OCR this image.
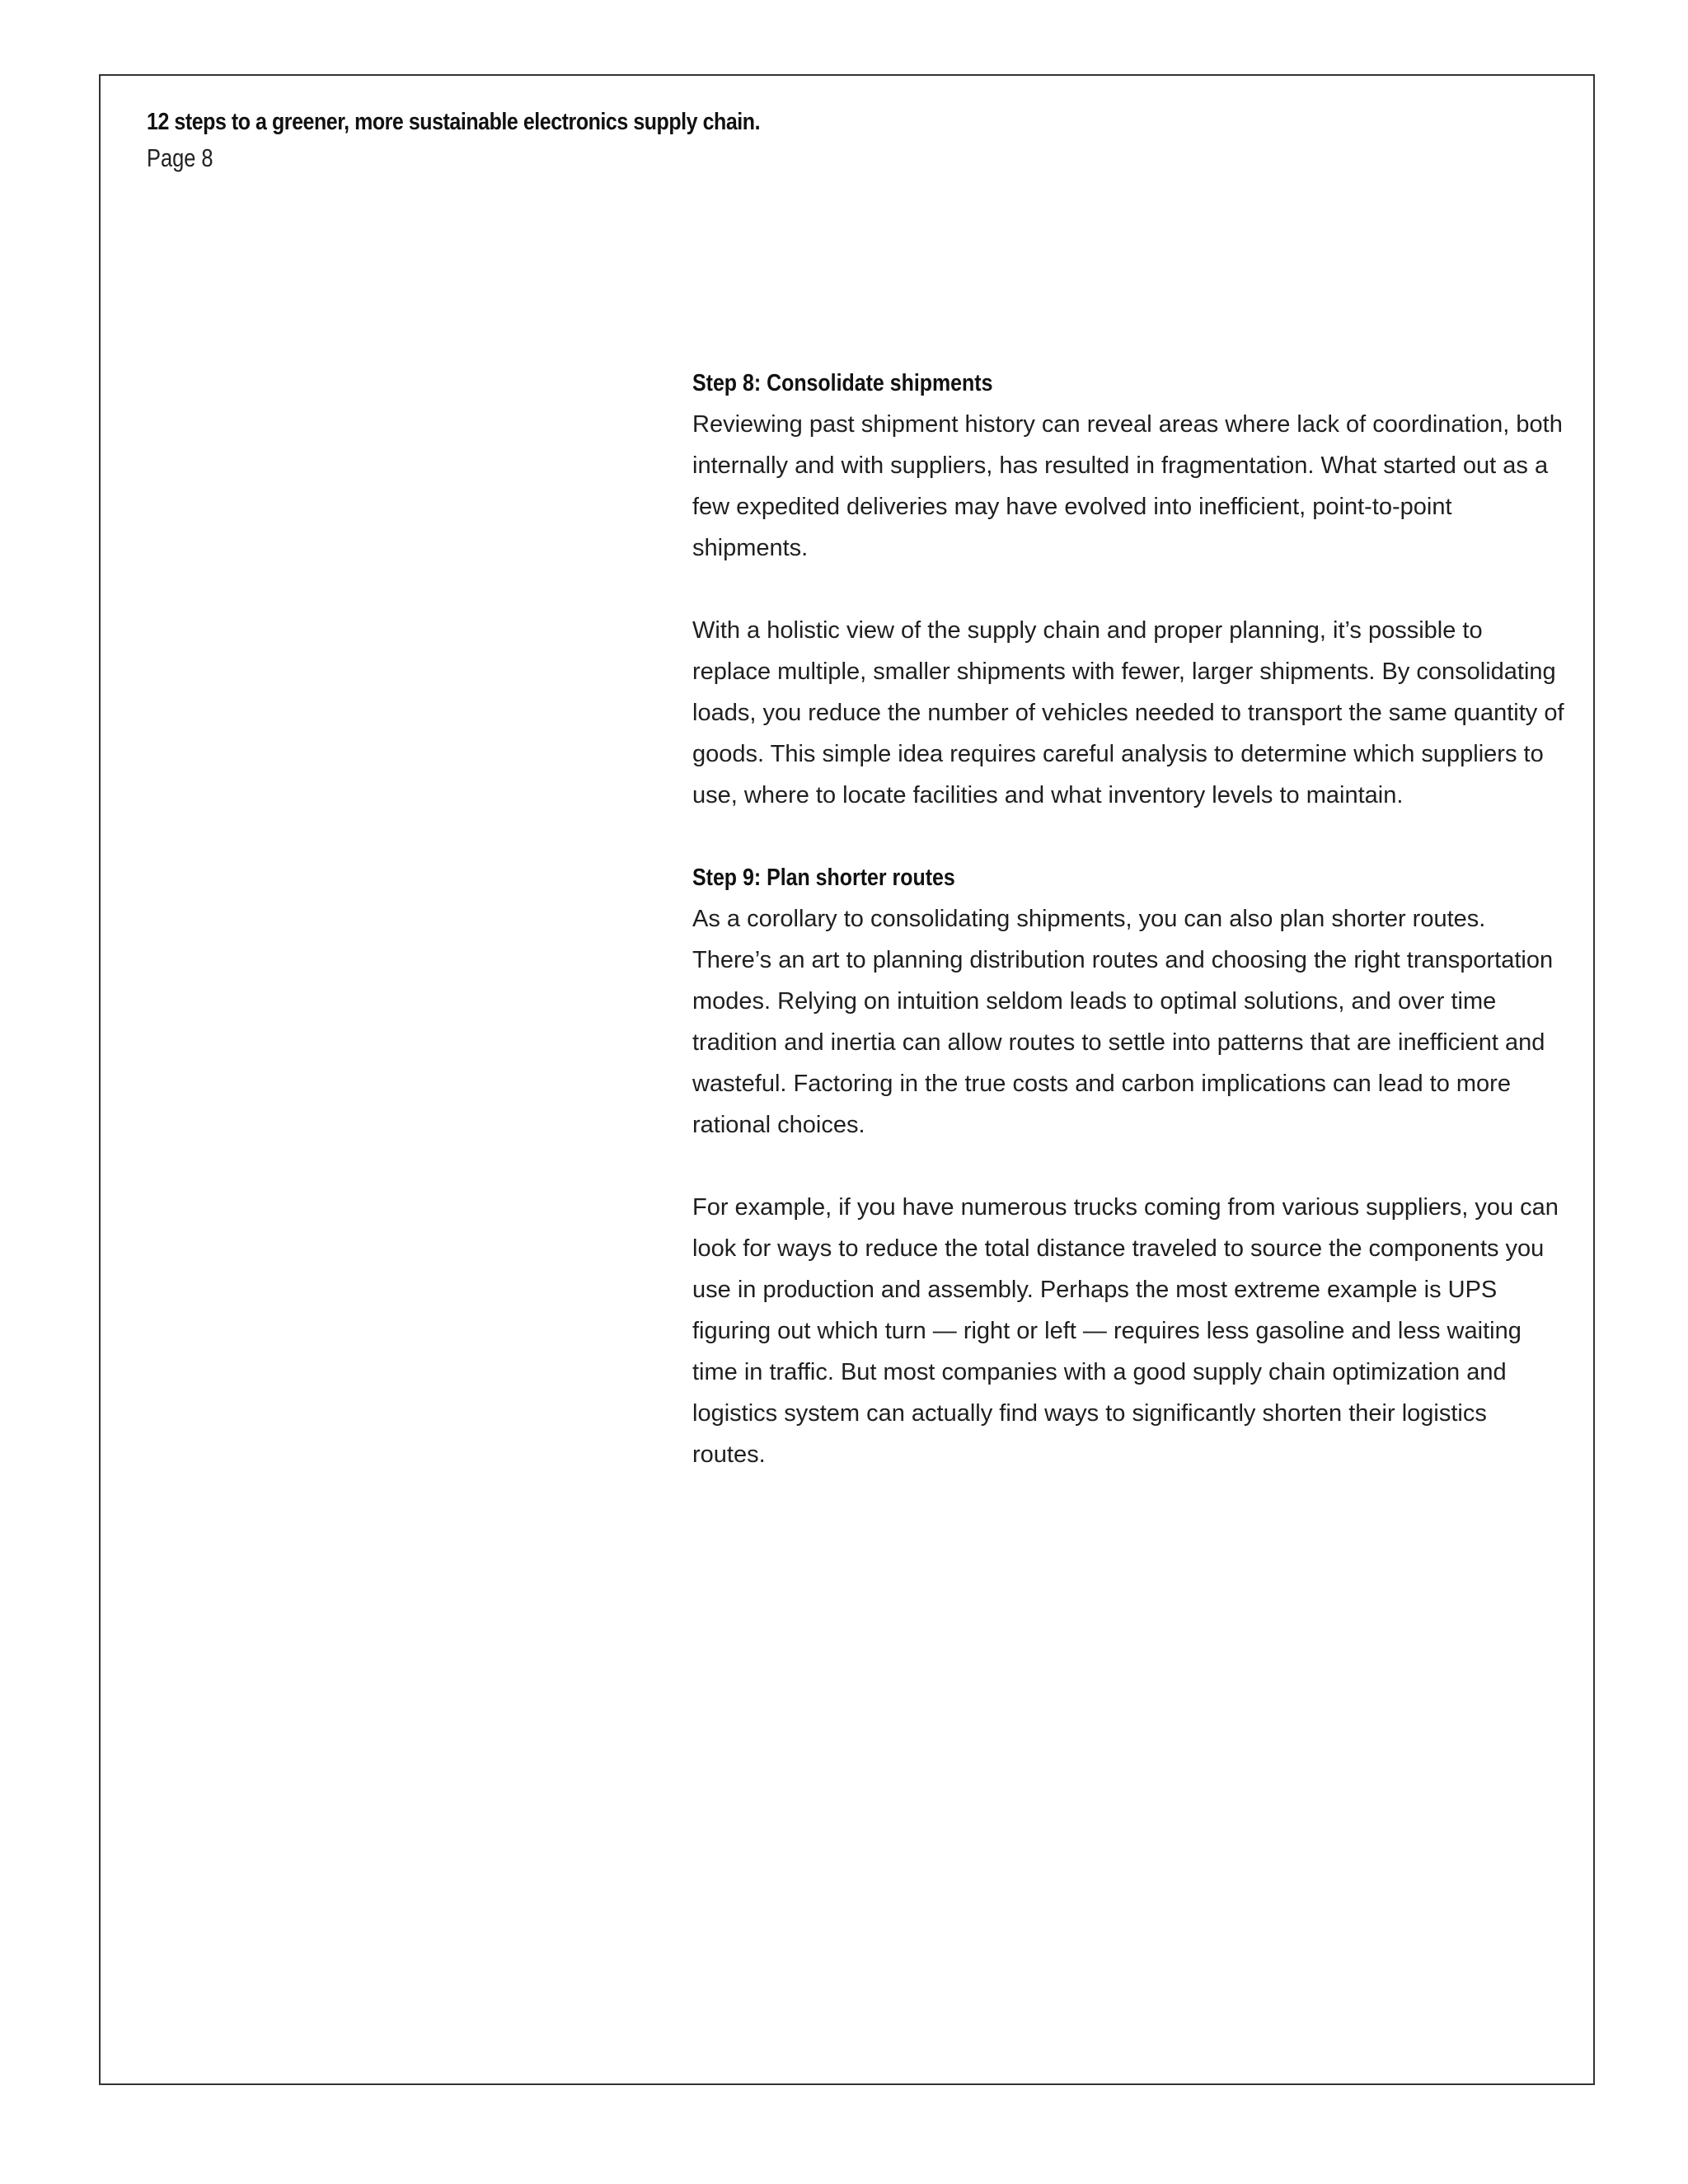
12 steps to a greener, more sustainable electronics supply chain.
Page 8
Step 8: Consolidate shipments

Reviewing past shipment history can reveal areas where lack of coordination, both internally and with suppliers, has resulted in fragmentation. What started out as a few expedited deliveries may have evolved into inefficient, point-to-point shipments.

With a holistic view of the supply chain and proper planning, it’s possible to replace multiple, smaller shipments with fewer, larger shipments. By consolidating loads, you reduce the number of vehicles needed to transport the same quantity of goods. This simple idea requires careful analysis to determine which suppliers to use, where to locate facilities and what inventory levels to maintain.

Step 9: Plan shorter routes

As a corollary to consolidating shipments, you can also plan shorter routes. There’s an art to planning distribution routes and choosing the right transportation modes. Relying on intuition seldom leads to optimal solutions, and over time tradition and inertia can allow routes to settle into patterns that are inefficient and wasteful. Factoring in the true costs and carbon implications can lead to more rational choices.

For example, if you have numerous trucks coming from various suppliers, you can look for ways to reduce the total distance traveled to source the components you use in production and assembly. Perhaps the most extreme example is UPS figuring out which turn — right or left — requires less gasoline and less waiting time in traffic. But most companies with a good supply chain optimization and logistics system can actually find ways to significantly shorten their logistics routes.
